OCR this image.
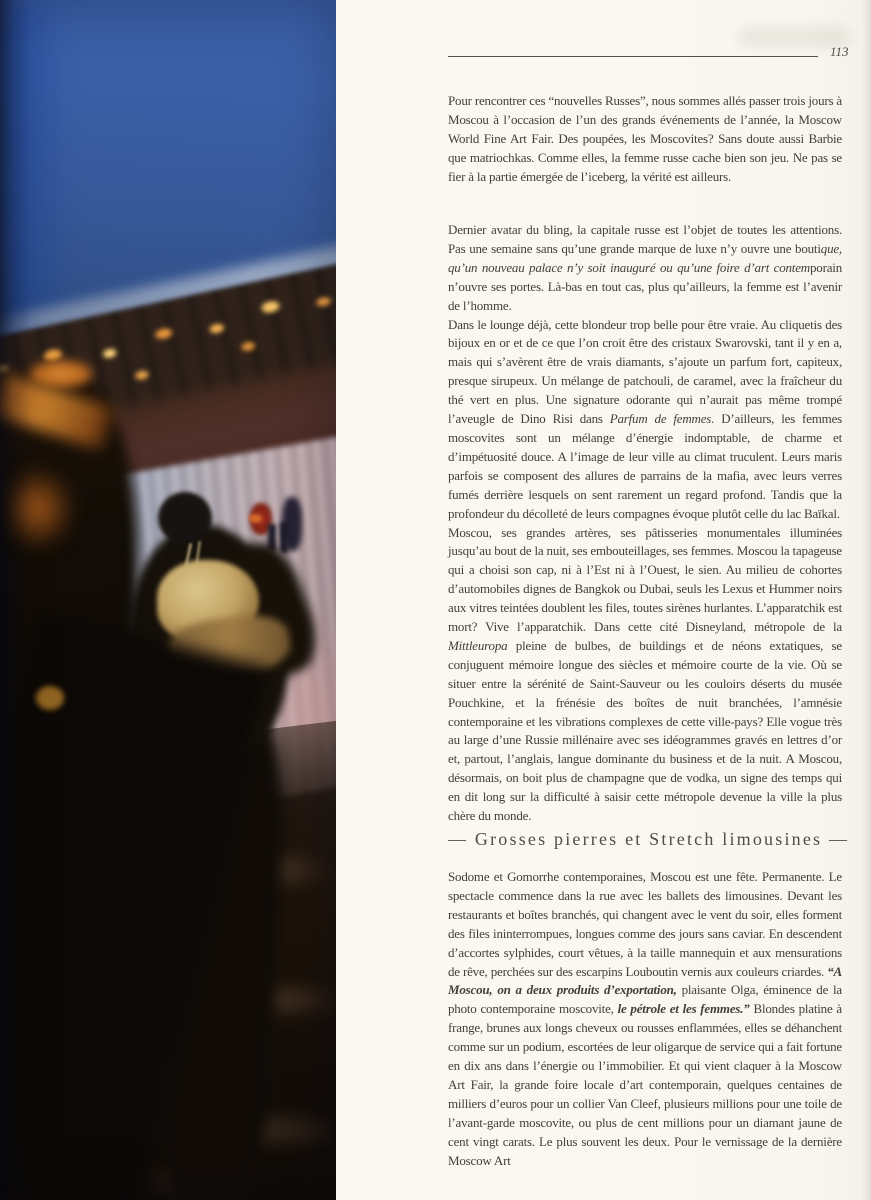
113

Pour rencontrer ces “nouvelles Russes”, nous sommes allés passer trois jours à Moscou à l’occasion de l’un des grands événements de l’année, la Moscow World Fine Art Fair. Des poupées, les Moscovites? Sans doute aussi Barbie que matriochkas. Comme elles, la femme russe cache bien son jeu. Ne pas se fier à la partie émergée de l’iceberg, la vérité est ailleurs.

Dernier avatar du bling, la capitale russe est l’objet de toutes les attentions. Pas une semaine sans qu’une grande marque de luxe n’y ouvre une boutique, qu’un nouveau palace n’y soit inauguré ou qu’une foire d’art contemporain n’ouvre ses portes. Là-bas en tout cas, plus qu’ailleurs, la femme est l’avenir de l’homme.

Dans le lounge déjà, cette blondeur trop belle pour être vraie. Au cliquetis des bijoux en or et de ce que l’on croit être des cristaux Swarovski, tant il y en a, mais qui s’avèrent être de vrais diamants, s’ajoute un parfum fort, capiteux, presque sirupeux. Un mélange de patchouli, de caramel, avec la fraîcheur du thé vert en plus. Une signature odorante qui n’aurait pas même trompé l’aveugle de Dino Risi dans Parfum de femmes. D’ailleurs, les femmes moscovites sont un mélange d’énergie indomptable, de charme et d’impétuosité douce. A l’image de leur ville au climat truculent. Leurs maris parfois se composent des allures de parrains de la mafia, avec leurs verres fumés derrière lesquels on sent rarement un regard profond. Tandis que la profondeur du décolleté de leurs compagnes évoque plutôt celle du lac Baïkal.

Moscou, ses grandes artères, ses pâtisseries monumentales illuminées jusqu’au bout de la nuit, ses embouteillages, ses femmes. Moscou la tapageuse qui a choisi son cap, ni à l’Est ni à l’Ouest, le sien. Au milieu de cohortes d’automobiles dignes de Bangkok ou Dubai, seuls les Lexus et Hummer noirs aux vitres teintées doublent les files, toutes sirènes hurlantes. L’apparatchik est mort? Vive l’apparatchik. Dans cette cité Disneyland, métropole de la Mittleuropa pleine de bulbes, de buildings et de néons extatiques, se conjuguent mémoire longue des siècles et mémoire courte de la vie. Où se situer entre la sérénité de Saint-Sauveur ou les couloirs déserts du musée Pouchkine, et la frénésie des boîtes de nuit branchées, l’amnésie contemporaine et les vibrations complexes de cette ville-pays? Elle vogue très au large d’une Russie millénaire avec ses idéogrammes gravés en lettres d’or et, partout, l’anglais, langue dominante du business et de la nuit. A Moscou, désormais, on boit plus de champagne que de vodka, un signe des temps qui en dit long sur la difficulté à saisir cette métropole devenue la ville la plus chère du monde.

— Grosses pierres et Stretch limousines —

Sodome et Gomorrhe contemporaines, Moscou est une fête. Permanente. Le spectacle commence dans la rue avec les ballets des limousines. Devant les restaurants et boîtes branchés, qui changent avec le vent du soir, elles forment des files ininterrompues, longues comme des jours sans caviar. En descendent d’accortes sylphides, court vêtues, à la taille mannequin et aux mensurations de rêve, perchées sur des escarpins Louboutin vernis aux couleurs criardes. “A Moscou, on a deux produits d’exportation, plaisante Olga, éminence de la photo contemporaine moscovite, le pétrole et les femmes.” Blondes platine à frange, brunes aux longs cheveux ou rousses enflammées, elles se déhanchent comme sur un podium, escortées de leur oligarque de service qui a fait fortune en dix ans dans l’énergie ou l’immobilier. Et qui vient claquer à la Moscow Art Fair, la grande foire locale d’art contemporain, quelques centaines de milliers d’euros pour un collier Van Cleef, plusieurs millions pour une toile de l’avant-garde moscovite, ou plus de cent millions pour un diamant jaune de cent vingt carats. Le plus souvent les deux. Pour le vernissage de la dernière Moscow Art
